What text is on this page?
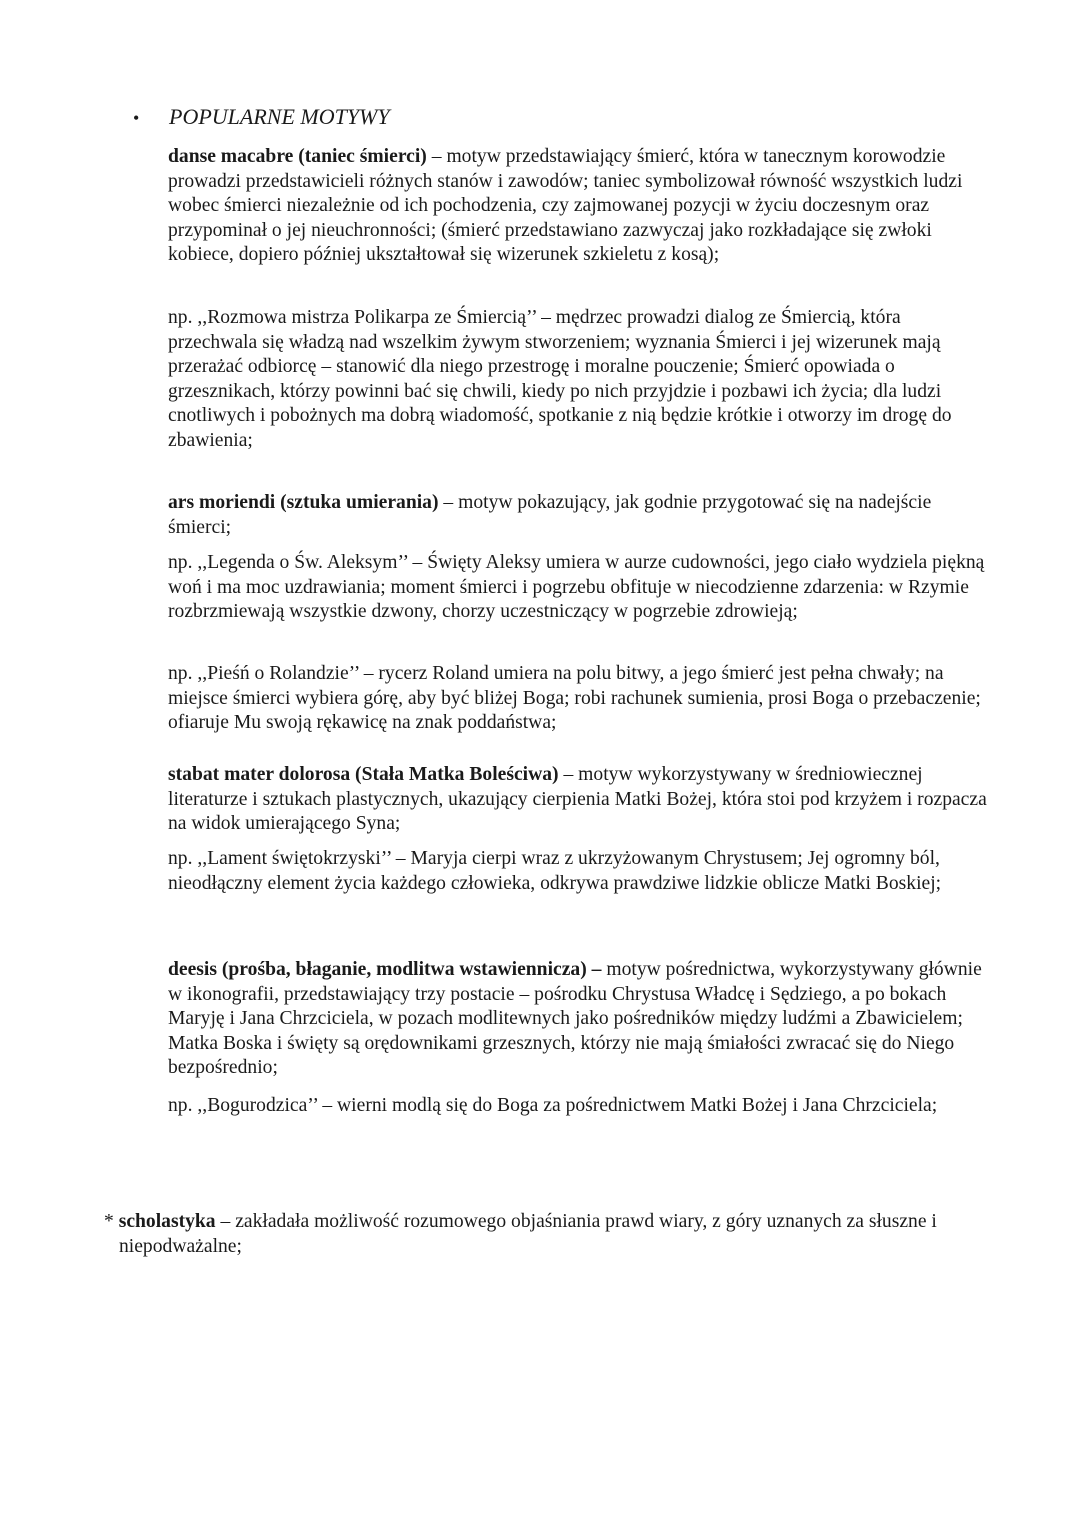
• POPULARNE MOTYWY
danse macabre (taniec śmierci) – motyw przedstawiający śmierć, która w tanecznym korowodzie prowadzi przedstawicieli różnych stanów i zawodów; taniec symbolizował równość wszystkich ludzi wobec śmierci niezależnie od ich pochodzenia, czy zajmowanej pozycji w życiu doczesnym oraz przypominał o jej nieuchronności; (śmierć przedstawiano zazwyczaj jako rozkładające się zwłoki kobiece, dopiero później ukształtował się wizerunek szkieletu z kosą);
np. ,,Rozmowa mistrza Polikarpa ze Śmiercią’’ – mędrzec prowadzi dialog ze Śmiercią, która przechwala się władzą nad wszelkim żywym stworzeniem; wyznania Śmierci i jej wizerunek mają przerażać odbiorcę – stanowić dla niego przestrogę i moralne pouczenie; Śmierć opowiada o grzesznikach, którzy powinni bać się chwili, kiedy po nich przyjdzie i pozbawi ich życia; dla ludzi cnotliwych i pobożnych ma dobrą wiadomość, spotkanie z nią będzie krótkie i otworzy im drogę do zbawienia;
ars moriendi (sztuka umierania) – motyw pokazujący, jak godnie przygotować się na nadejście śmierci;
np. ,,Legenda o Św. Aleksym’’ – Święty Aleksy umiera w aurze cudowności, jego ciało wydziela piękną woń i ma moc uzdrawiania; moment śmierci i pogrzebu obfituje w niecodzienne zdarzenia: w Rzymie rozbrzmiewają wszystkie dzwony, chorzy uczestniczący w pogrzebie zdrowieją;
np. ,,Pieśń o Rolandzie’’ – rycerz Roland umiera na polu bitwy, a jego śmierć jest pełna chwały; na miejsce śmierci wybiera górę, aby być bliżej Boga; robi rachunek sumienia, prosi Boga o przebaczenie; ofiaruje Mu swoją rękawicę na znak poddaństwa;
stabat mater dolorosa (Stała Matka Boleściwa) – motyw wykorzystywany w średniowiecznej literaturze i sztukach plastycznych, ukazujący cierpienia Matki Bożej, która stoi pod krzyżem i rozpacza na widok umierającego Syna;
np. ,,Lament świętokrzyski’’ – Maryja cierpi wraz z ukrzyżowanym Chrystusem; Jej ogromny ból, nieodłączny element życia każdego człowieka, odkrywa prawdziwe lidzkie oblicze Matki Boskiej;
deesis (prośba, błaganie, modlitwa wstawiennicza) – motyw pośrednictwa, wykorzystywany głównie w ikonografii, przedstawiający trzy postacie – pośrodku Chrystusa Władcę i Sędziego, a po bokach Maryję i Jana Chrzciciela, w pozach modlitewnych jako pośredników między ludźmi a Zbawicielem; Matka Boska i święty są orędownikami grzesznych, którzy nie mają śmiałości zwracać się do Niego bezpośrednio;
np. ,,Bogurodzica’’ – wierni modlą się do Boga za pośrednictwem Matki Bożej i Jana Chrzciciela;
* scholastyka – zakładała możliwość rozumowego objaśniania prawd wiary, z góry uznanych za słuszne i niepodważalne;
